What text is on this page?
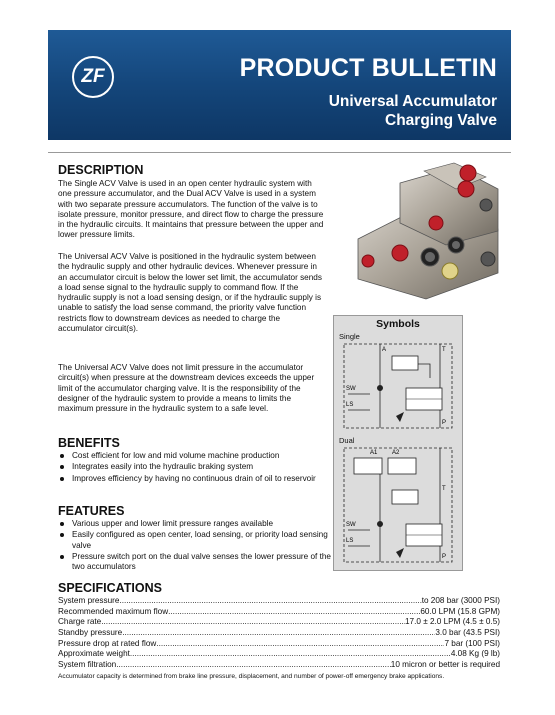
ZF	PRODUCT BULLETIN
Universal Accumulator
Charging Valve
DESCRIPTION

The Single ACV Valve is used in an open center hydraulic system with one pressure accumulator, and the Dual ACV Valve is used in a system with two separate pressure accumulators. The function of the valve is to isolate pressure, monitor pressure, and direct flow to charge the pressure in the hydraulic circuits. It maintains that pressure between the upper and lower pressure limits.

The Universal ACV Valve is positioned in the hydraulic system between the hydraulic supply and other hydraulic devices. Whenever pressure in an accumulator circuit is below the lower set limit, the accumulator sends a load sense signal to the hydraulic supply to command flow. If the hydraulic supply is not a load sensing design, or if the hydraulic supply is unable to satisfy the load sense command, the priority valve function restricts flow to downstream devices as needed to charge the accumulator circuit(s).

The Universal ACV Valve does not limit pressure in the accumulator circuit(s) when pressure at the downstream devices exceeds the upper limit of the accumulator charging valve. It is the responsibility of the designer of the hydraulic system to provide a means to limits the maximum pressure in the hydraulic system to a safe level.

Symbols
Single
SW
LS
A	T
P
Dual
A1 A2
SW
LS
T
P
BENEFITS
Cost efficient for low and mid volume machine production
Integrates easily into the hydraulic braking system
Improves efficiency by having no continuous drain of oil to reservoir
FEATURES
Various upper and lower limit pressure ranges available
Easily configured as open center, load sensing, or priority load sensing valve
Pressure switch port on the dual valve senses the lower pressure of the two accumulators
SPECIFICATIONS
System pressure .....	to 208 bar (3000 PSI)
Recommended maximum flow .....	60.0 LPM (15.8 GPM)
Charge rate .....	17.0 ± 2.0 LPM (4.5 ± 0.5)
Standby pressure .....	3.0 bar (43.5 PSI)
Pressure drop at rated flow .....	7 bar (100 PSI)
Approximate weight .....	4.08 Kg (9 lb)
System filtration .....	10 micron or better is required
Accumulator capacity is determined from brake line pressure, displacement, and number of power-off emergency brake applications.
